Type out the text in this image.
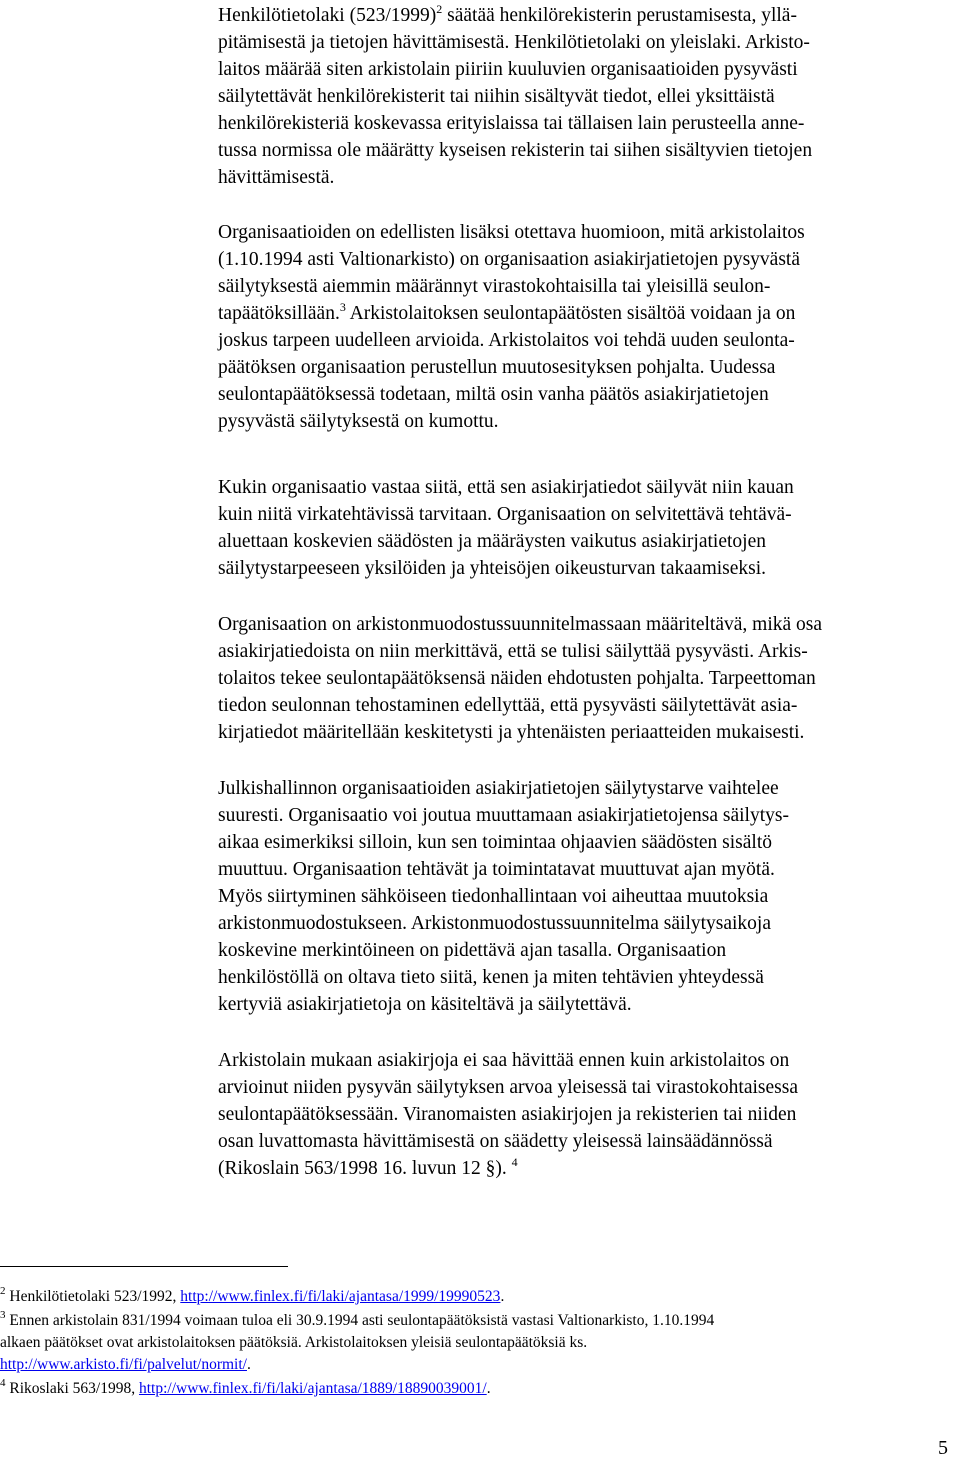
Henkilötietolaki $(523/1999)^2$ säätää henkilörekisterin perustamisesta, yllä-
pitämisestä ja tietojen hävittämisestä. Henkilötietolaki on yleislaki. Arkisto-
laitos määrää siten arkistolain piiriin kuuluvien organisaatioiden pysyvästi
säilytettävät henkilörekisterit tai niihin sisältyvät tiedot, ellei yksittäistä
henkilörekisteriä koskevassa erityislaissa tai tällaisen lain perusteella anne-
tussa normissa ole määrätty kyseisen rekisterin tai siihen sisältyvien tietojen
hävittämisestä.

Organisaatioiden on edellisten lisäksi otettava huomioon, mitä arkistolaitos
(1.10.1994 asti Valtionarkisto) on organisaation asiakirjatietojen pysyvästä
säilytyksestä aiemmin määrännyt virastokohtaisilla tai yleisillä seulon-
tapäätöksillään.$^3$ Arkistolaitoksen seulontapäätösten sisältöä voidaan ja on
joskus tarpeen uudelleen arvioida. Arkistolaitos voi tehdä uuden seulonta-
päätöksen organisaation perustellun muutosesityksen pohjalta. Uudessa
seulontapäätöksessä todetaan, miltä osin vanha päätös asiakirjatietojen
pysyvästä säilytyksestä on kumottu.

Kukin organisaatio vastaa siitä, että sen asiakirjatiedot säilyvät niin kauan
kuin niitä virkatehtävissä tarvitaan. Organisaation on selvitettävä tehtävä-
aluettaan koskevien säädösten ja määräysten vaikutus asiakirjatietojen
säilytystarpeeseen yksilöiden ja yhteisöjen oikeusturvan takaamiseksi.

Organisaation on arkistonmuodostussuunnitelmassaan määriteltävä, mikä osa
asiakirjatiedoista on niin merkittävä, että se tulisi säilyttää pysyvästi. Arkis-
tolaitos tekee seulontapäätöksensä näiden ehdotusten pohjalta. Tarpeettoman
tiedon seulonnan tehostaminen edellyttää, että pysyvästi säilytettävät asia-
kirjatiedot määritellään keskitetysti ja yhtenäisten periaatteiden mukaisesti.

Julkishallinnon organisaatioiden asiakirjatietojen säilytystarve vaihtelee
suuresti. Organisaatio voi joutua muuttamaan asiakirjatietojensa säilytys-
aikaa esimerkiksi silloin, kun sen toimintaa ohjaavien säädösten sisältö
muuttuu. Organisaation tehtävät ja toimintatavat muuttuvat ajan myötä.
Myös siirtyminen sähköiseen tiedonhallintaan voi aiheuttaa muutoksia
arkistonmuodostukseen. Arkistonmuodostussuunnitelma säilytysaikoja
koskevine merkintöineen on pidettävä ajan tasalla. Organisaation
henkilöstöllä on oltava tieto siitä, kenen ja miten tehtävien yhteydessä
kertyviä asiakirjatietoja on käsiteltävä ja säilytettävä.

Arkistolain mukaan asiakirjoja ei saa hävittää ennen kuin arkistolaitos on
arvioinut niiden pysyvän säilytyksen arvoa yleisessä tai virastokohtaisessa
seulontapäätöksessään. Viranomaisten asiakirjojen ja rekisterien tai niiden
osan luvattomasta hävittämisestä on säädetty yleisessä lainsäädännössä
(Rikoslain 563/1998 16. luvun 12 §). $^4$

$^2$ Henkilötietolaki 523/1992, http://www.finlex.fi/fi/laki/ajantasa/1999/19990523.
$^3$ Ennen arkistolain 831/1994 voimaan tuloa eli 30.9.1994 asti seulontapäätöksistä vastasi Valtionarkisto, 1.10.1994
alkaen päätökset ovat arkistolaitoksen päätöksiä. Arkistolaitoksen yleisiä seulontapäätöksiä ks.
http://www.arkisto.fi/fi/palvelut/normit/.
$^4$ Rikoslaki 563/1998, http://www.finlex.fi/fi/laki/ajantasa/1889/18890039001/.
5
